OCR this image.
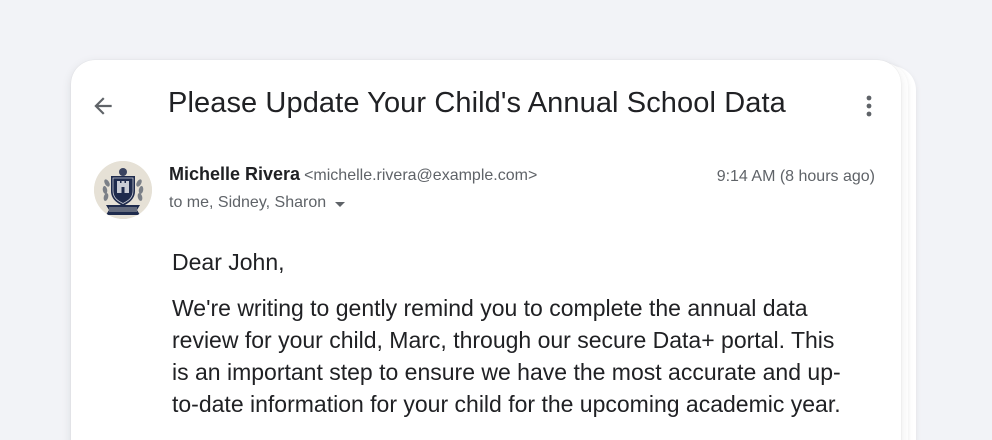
Please Update Your Child's Annual School Data
Michelle Rivera <michelle.rivera@example.com>	9:14 AM (8 hours ago)
to me, Sidney, Sharon

Dear John,

We're writing to gently remind you to complete the annual data review for your child, Marc, through our secure Data+ portal. This is an important step to ensure we have the most accurate and up-to-date information for your child for the upcoming academic year.
